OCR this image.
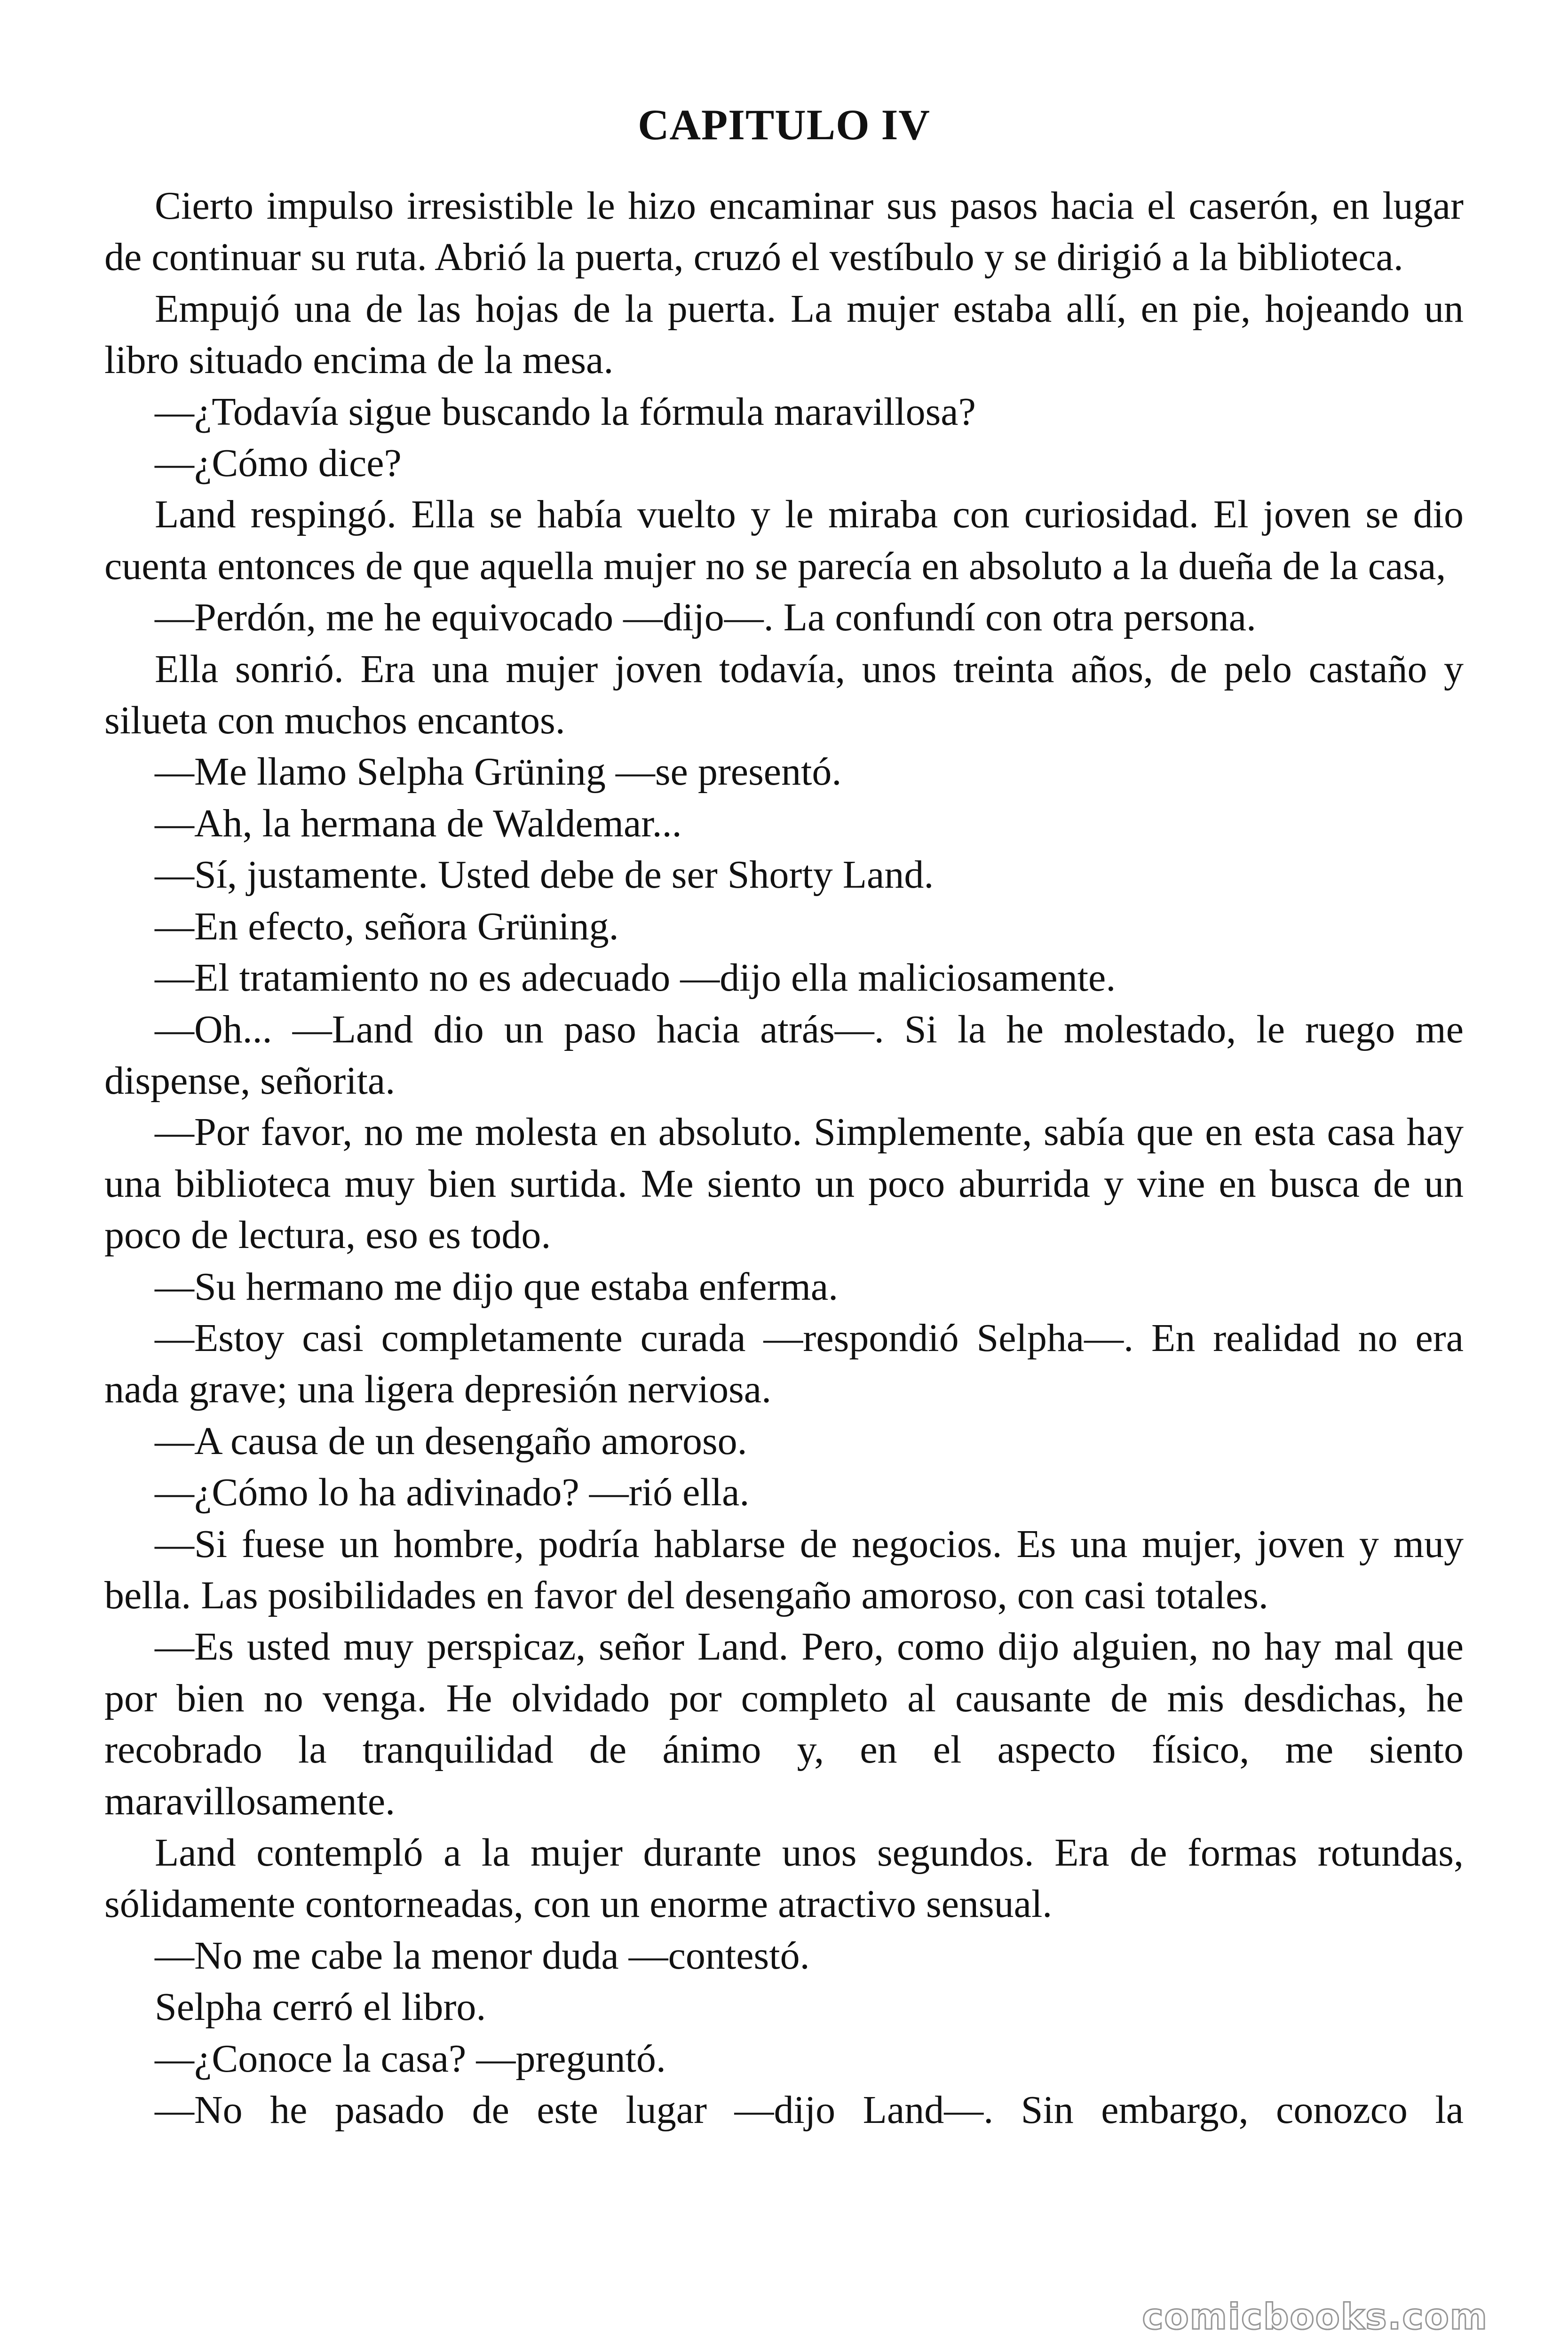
CAPITULO IV

Cierto impulso irresistible le hizo encaminar sus pasos hacia el caserón, en lugar de continuar su ruta. Abrió la puerta, cruzó el vestíbulo y se dirigió a la biblioteca.

Empujó una de las hojas de la puerta. La mujer estaba allí, en pie, hojeando un libro situado encima de la mesa.

—¿Todavía sigue buscando la fórmula maravillosa?

—¿Cómo dice?

Land respingó. Ella se había vuelto y le miraba con curiosidad. El joven se dio cuenta entonces de que aquella mujer no se parecía en absoluto a la dueña de la casa,

—Perdón, me he equivocado —dijo—. La confundí con otra persona.

Ella sonrió. Era una mujer joven todavía, unos treinta años, de pelo castaño y silueta con muchos encantos.

—Me llamo Selpha Grüning —se presentó.

—Ah, la hermana de Waldemar...

—Sí, justamente. Usted debe de ser Shorty Land.

—En efecto, señora Grüning.

—El tratamiento no es adecuado —dijo ella maliciosamente.

—Oh... —Land dio un paso hacia atrás—. Si la he molestado, le ruego me dispense, señorita.

—Por favor, no me molesta en absoluto. Simplemente, sabía que en esta casa hay una biblioteca muy bien surtida. Me siento un poco aburrida y vine en busca de un poco de lectura, eso es todo.

—Su hermano me dijo que estaba enferma.

—Estoy casi completamente curada —respondió Selpha—. En realidad no era nada grave; una ligera depresión nerviosa.

—A causa de un desengaño amoroso.

—¿Cómo lo ha adivinado? —rió ella.

—Si fuese un hombre, podría hablarse de negocios. Es una mujer, joven y muy bella. Las posibilidades en favor del desengaño amoroso, con casi totales.

—Es usted muy perspicaz, señor Land. Pero, como dijo alguien, no hay mal que por bien no venga. He olvidado por completo al causante de mis desdichas, he recobrado la tranquilidad de ánimo y, en el aspecto físico, me siento maravillosamente.

Land contempló a la mujer durante unos segundos. Era de formas rotundas, sólidamente contorneadas, con un enorme atractivo sensual.

—No me cabe la menor duda —contestó.

Selpha cerró el libro.

—¿Conoce la casa? —preguntó.

—No he pasado de este lugar —dijo Land—. Sin embargo, conozco la

comicbooks.com
